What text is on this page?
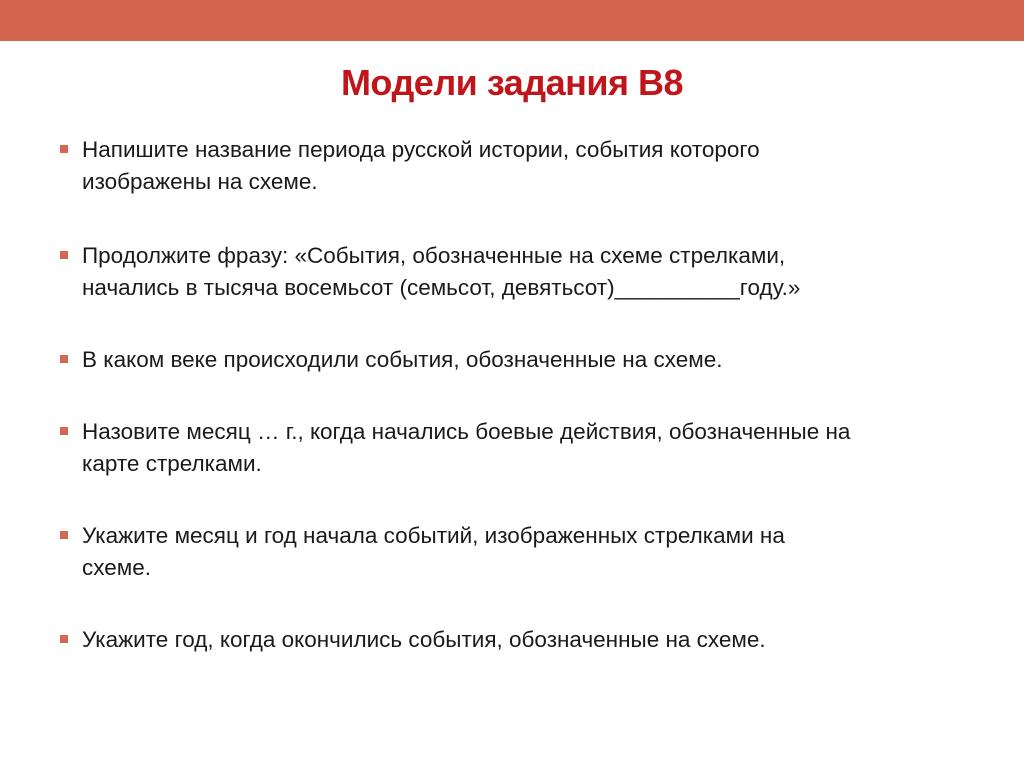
Модели задания В8
Напишите название периода русской истории, события которого
изображены на схеме.
Продолжите фразу: «События, обозначенные на схеме стрелками,
начались в тысяча восемьсот (семьсот, девятьсот)__________году.»
В каком веке происходили события, обозначенные на схеме.
Назовите месяц … г., когда начались боевые действия, обозначенные на
карте стрелками.
Укажите месяц и год начала событий, изображенных стрелками на
схеме.
Укажите год, когда окончились события, обозначенные на схеме.
